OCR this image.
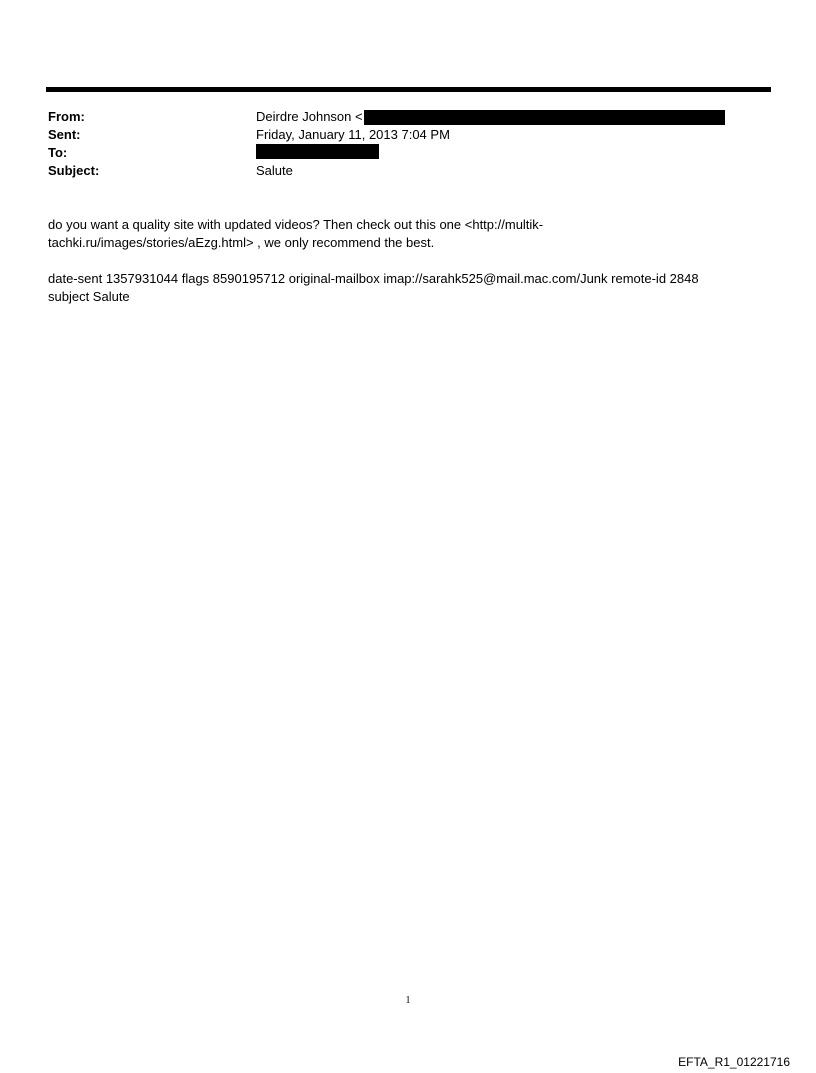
From:	Deirdre Johnson <
Sent:	Friday, January 11, 2013 7:04 PM
To:
Subject:	Salute
do you want a quality site with updated videos? Then check out this one <http://multik-
tachki.ru/images/stories/aEzg.html> , we only recommend the best.
date-sent 1357931044 flags 8590195712 original-mailbox imap://sarahk525@mail.mac.com/Junk remote-id 2848
subject Salute
1
EFTA_R1_01221716
